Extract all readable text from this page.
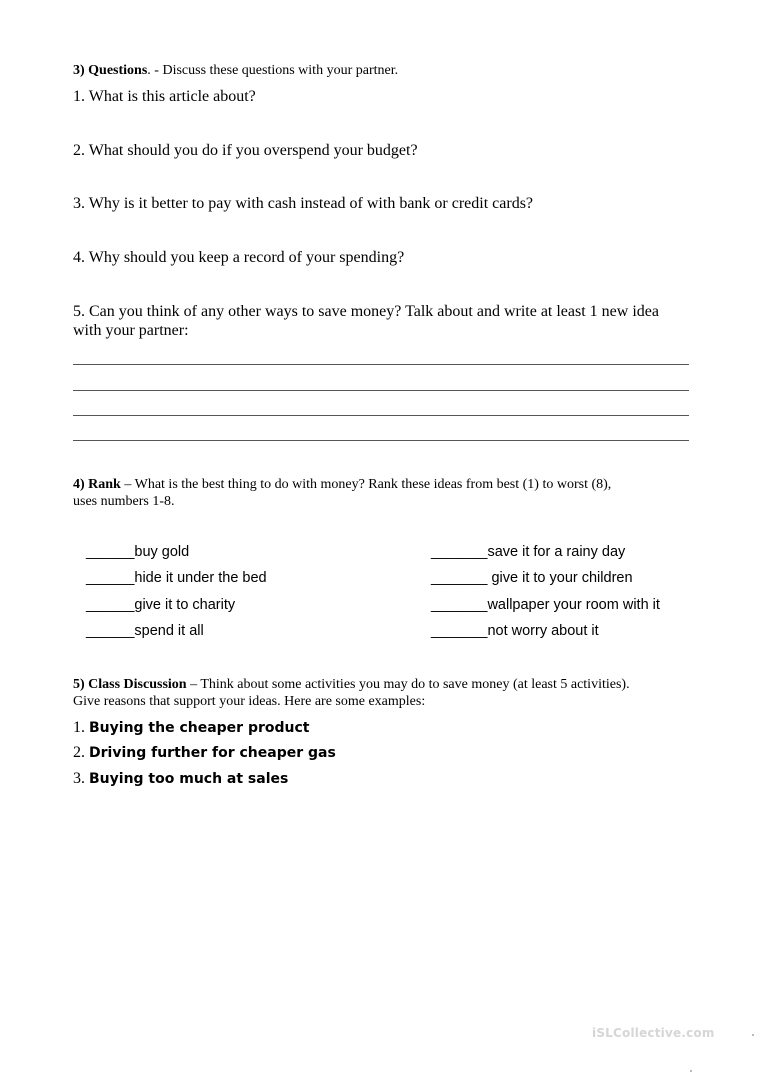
3) Questions. - Discuss these questions with your partner.
1. What is this article about?
2. What should you do if you overspend your budget?
3. Why is it better to pay with cash instead of with bank or credit cards?
4. Why should you keep a record of your spending?
5. Can you think of any other ways to save money? Talk about and write at least 1 new idea
with your partner:
4) Rank – What is the best thing to do with money? Rank these ideas from best (1) to worst (8),
uses numbers 1-8.
______buy gold
______hide it under the bed
______give it to charity
______spend it all
_______save it for a rainy day
_______ give it to your children
_______wallpaper your room with it
_______not worry about it
5) Class Discussion – Think about some activities you may do to save money (at least 5 activities).
Give reasons that support your ideas. Here are some examples:
1. Buying the cheaper product
2. Driving further for cheaper gas
3. Buying too much at sales
iSLCollective.com
